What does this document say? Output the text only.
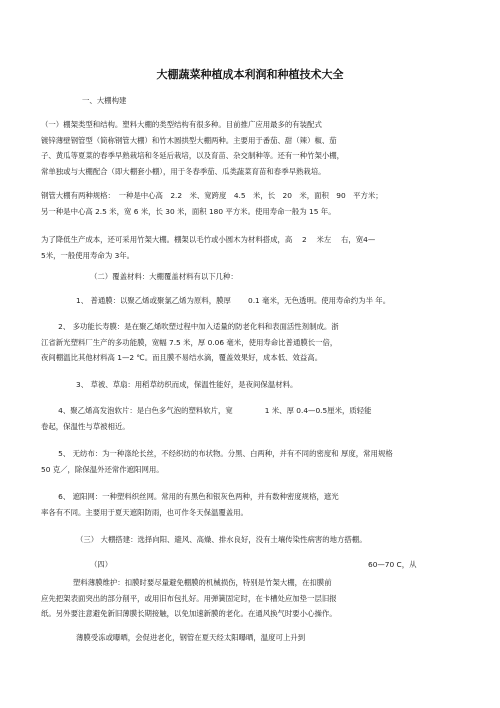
大棚蔬菜种植成本利润和种植技术大全
一、大棚构建
（一）棚架类型和结构。塑料大棚的类型结构有很多种。目前推广应用最多的有装配式
镀锌薄壁钢管型（简称钢管大棚）和竹木圆拱型大棚两种。主要用于番茄、甜（辣）椒、茄
子、黄瓜等夏菜的春季早熟栽培和冬延后栽培，以及育苗、杂交制种等。还有一种竹架小棚，
常单独或与大棚配合（即大棚套小棚），用于冬春季茄、瓜类蔬菜育苗和春季早熟栽培。
钢管大棚有两种规格：　一种是中心高　2.2　米、宽跨度　4.5　米，长　20　米，面积　90　平方米；
另一种是中心高 2.5 米，宽 6 米，长 30 米，面积 180 平方米。使用寿命一般为 15 年。
为了降低生产成本，还可采用竹架大棚。棚架以毛竹或小圆木为材料搭成，高　 2　 米左　 右，宽4—
5米，一般使用寿命为 3年。
（二）覆盖材料：大棚覆盖材料有以下几种：
1、 普通膜：以聚乙烯或聚氯乙烯为原料，膜厚　　 0.1 毫米，无色透明。使用寿命约为半 年。
　　 2、 多功能长寿膜：是在聚乙烯吹塑过程中加入适量的防老化料和表面活性剂制成。浙
江省新光塑料厂生产的多功能膜，宽幅 7.5 米，厚 0.06 毫米，使用寿命比普通膜长一倍，
夜间棚温比其他材料高 1—2 ℃。而且膜不易结水滴，覆盖效果好，成本低、效益高。
3、 草被、草扇：用稻草纺织而成，保温性能好，是夜间保温材料。
　　 4、聚乙烯高发泡软片：是白色多气泡的塑料软片，宽　　　　 1 米、厚 0.4—0.5厘米，质轻能
卷起，保温性与草被相近。
　　 5、 无纺布：为一种涤纶长丝，不经织纺的布状物。分黑、白两种，并有不同的密度和 厚度，常用规格
50 克／，除保温外还常作遮阳网用。
　　 6、 遮阳网：一种塑料织丝网。常用的有黑色和银灰色两种，并有数种密度规格，遮光
率各有不同。主要用于夏天遮阳防雨，也可作冬天保温覆盖用。
（三） 大棚搭建：选择向阳、避风、高燥、排水良好，没有土壤传染性病害的地方搭棚。
（四）	60—70 C，从
　　　　 塑料薄膜维护：扣膜时要尽量避免棚膜的机械损伤，特别是竹架大棚，在扣膜前
应先把架表面突出的部分削平，或用旧布包扎好。用弹簧固定时，在卡槽处应加垫一层旧报
纸。另外要注意避免新旧薄膜长期接触，以免加速新膜的老化。在通风换气时要小心操作。
薄膜受冻或曝晒，会促进老化，钢管在夏天经太阳曝晒，温度可上升到
